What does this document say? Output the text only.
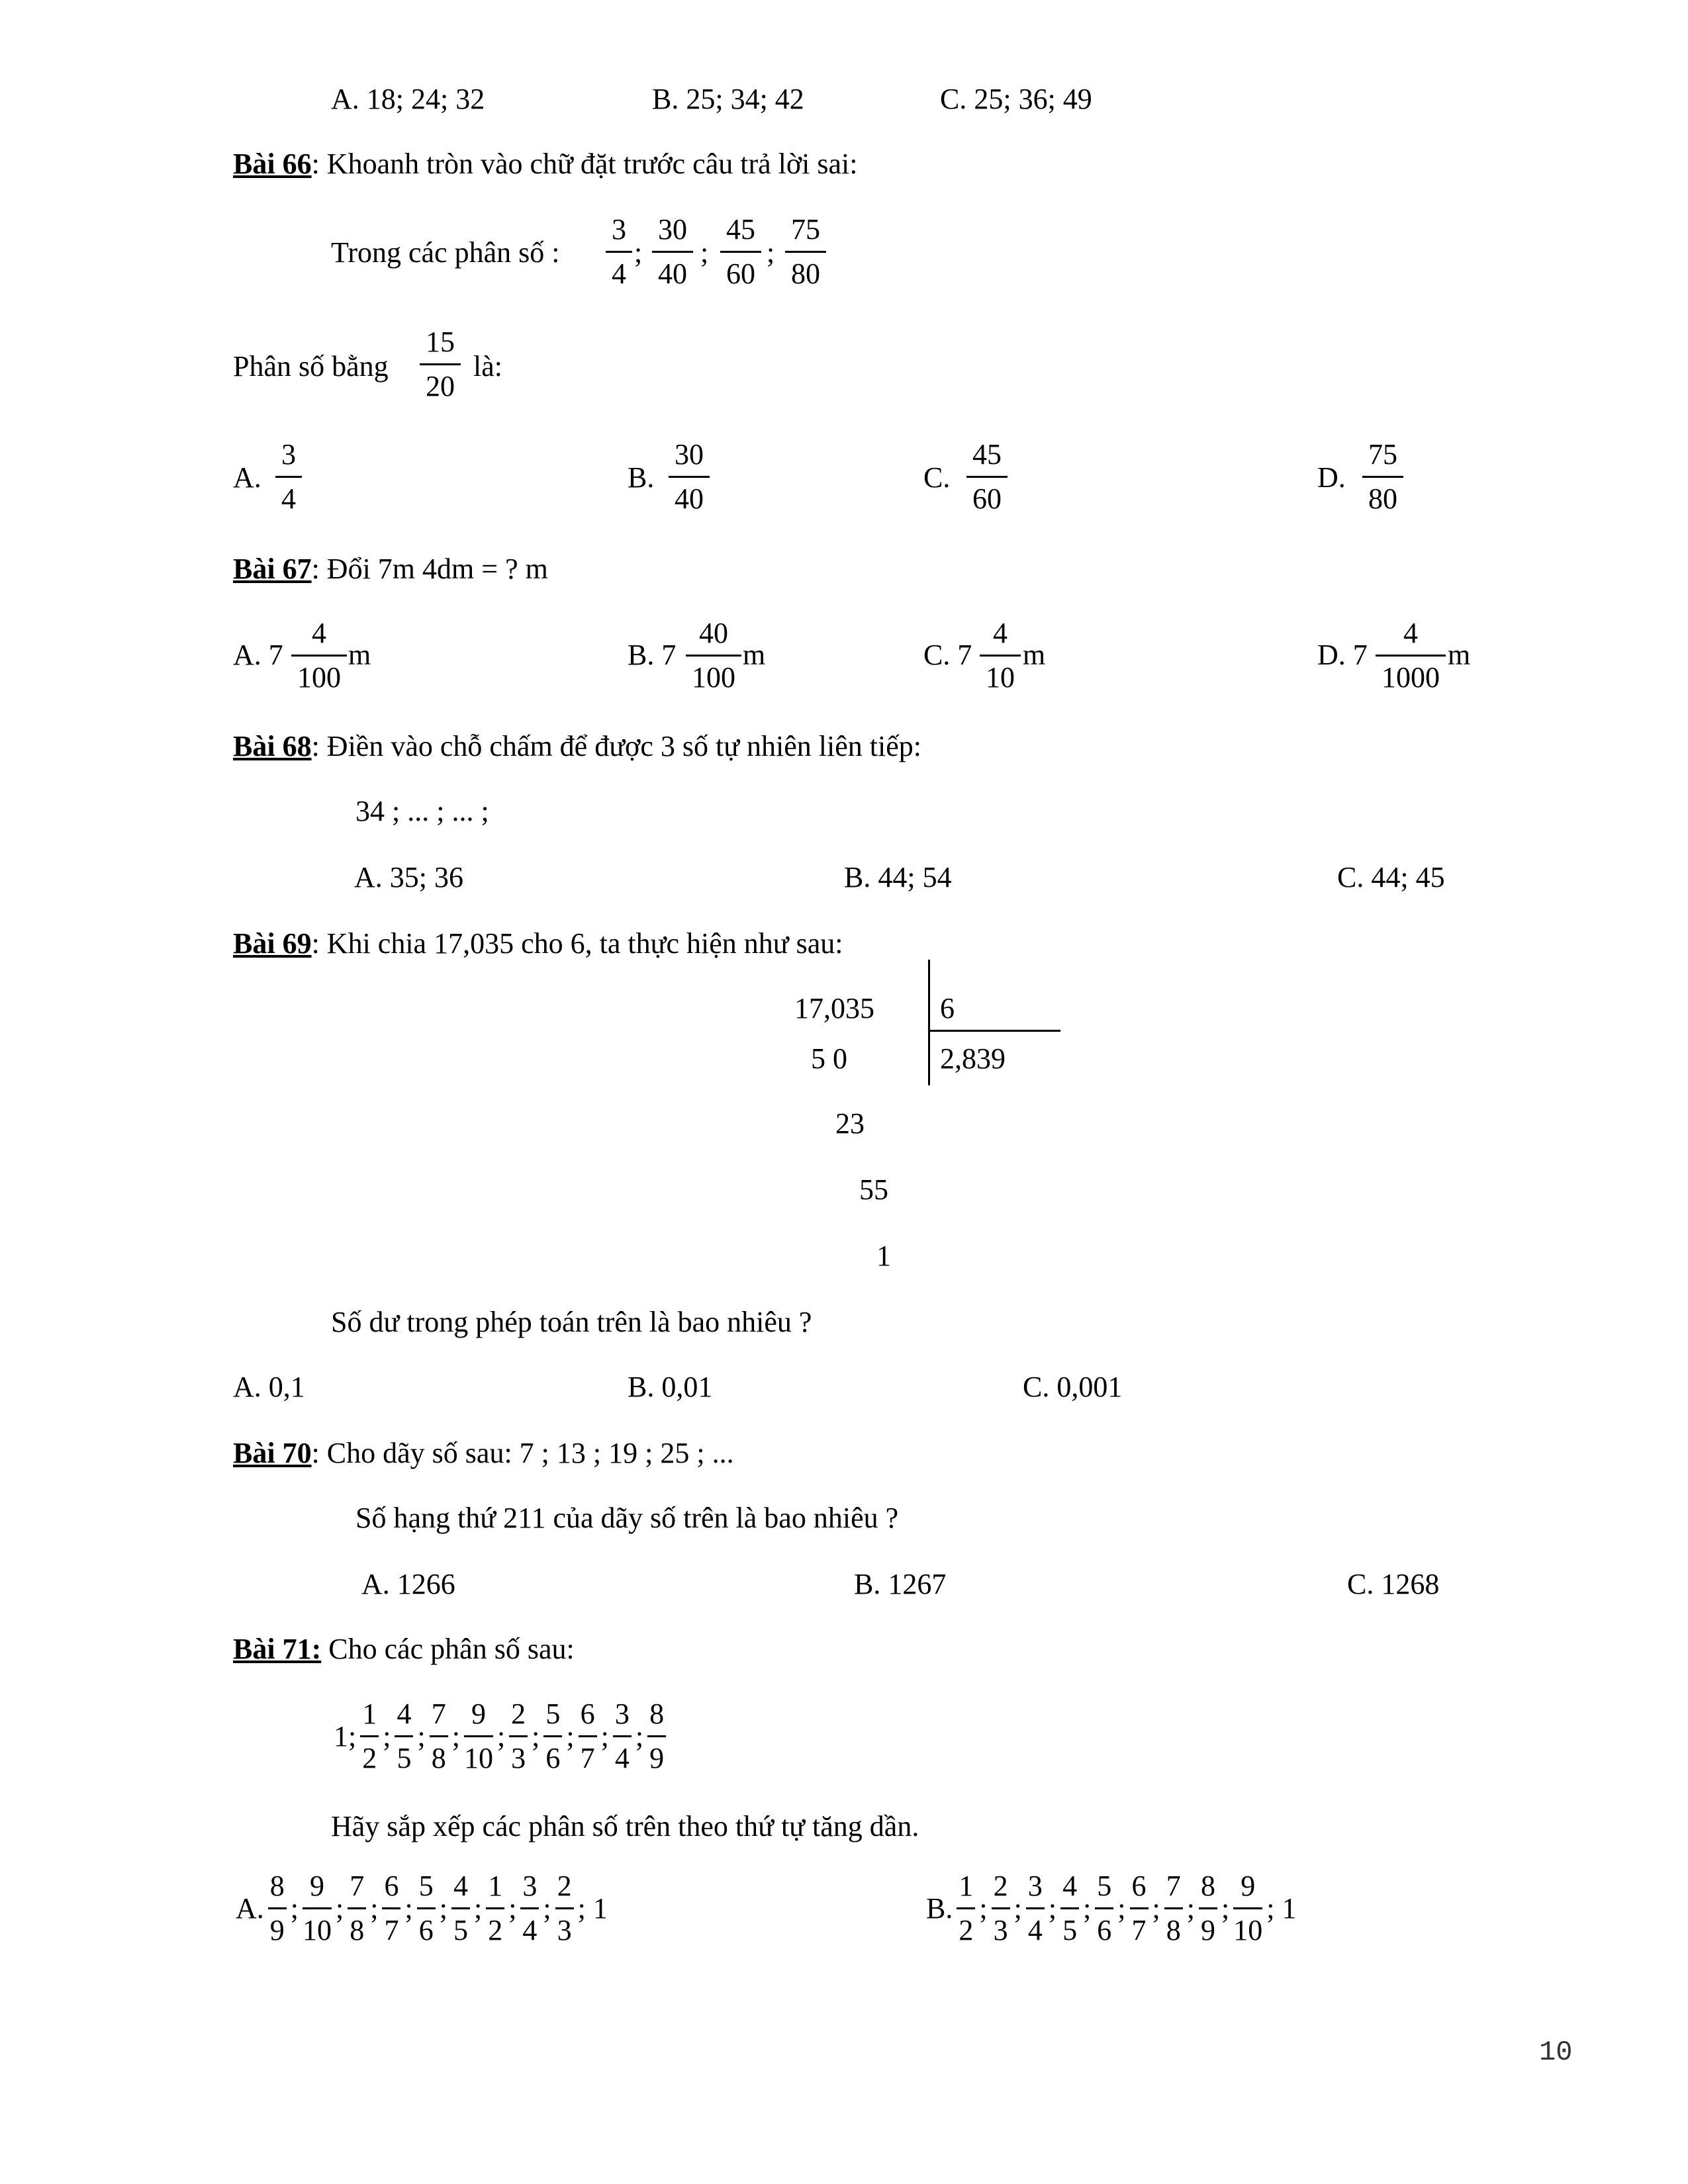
A. 18; 24; 32	B. 25; 34; 42	C. 25; 36; 49
Bài 66: Khoanh tròn vào chữ đặt trước câu trả lời sai:
Trong các phân số :
3
4
;
30
40
;
45
60
;
75
80
Phân số bằng
15
20
là:
A.
3
4
B.
30
40
C.
45
60
D.
75
80
Bài 67: Đổi 7m 4dm = ? m
A. 7
4
100
m	B. 7
40
100
m	C. 7
4
10
m	D. 7
4
1000
m
Bài 68: Điền vào chỗ chấm để được 3 số tự nhiên liên tiếp:
34 ; ... ; ... ;
A. 35; 36	B. 44; 54	C. 44; 45
Bài 69: Khi chia 17,035 cho 6, ta thực hiện như sau:
17,035 6
2,839
5 0
23
55
1
Số dư trong phép toán trên là bao nhiêu ?
A. 0,1	B. 0,01	C. 0,001
Bài 70: Cho dãy số sau: 7 ; 13 ; 19 ; 25 ; ...
Số hạng thứ 211 của dãy số trên là bao nhiêu ?
A. 1266	B. 1267	C. 1268
Bài 71: Cho các phân số sau:
1; $\frac{1}{2}$ ; $\frac{4}{5}$ ; $\frac{7}{8}$ ; $\frac{9}{10}$ ; $\frac{2}{3}$ ; $\frac{5}{6}$ ; $\frac{6}{7}$ ; $\frac{3}{4}$ ; $\frac{8}{9}$
Hãy sắp xếp các phân số trên theo thứ tự tăng dần.
A. $\frac{8}{9}$ ; $\frac{9}{10}$ ; $\frac{7}{8}$ ; $\frac{6}{7}$ ; $\frac{5}{6}$ ; $\frac{4}{5}$ ; $\frac{1}{2}$ ; $\frac{3}{4}$ ; $\frac{2}{3}$ ; 1	B. $\frac{1}{2}$ ; $\frac{2}{3}$ ; $\frac{3}{4}$ ; $\frac{4}{5}$ ; $\frac{5}{6}$ ; $\frac{6}{7}$ ; $\frac{7}{8}$ ; $\frac{8}{9}$ ; $\frac{9}{10}$ ; 1
10
